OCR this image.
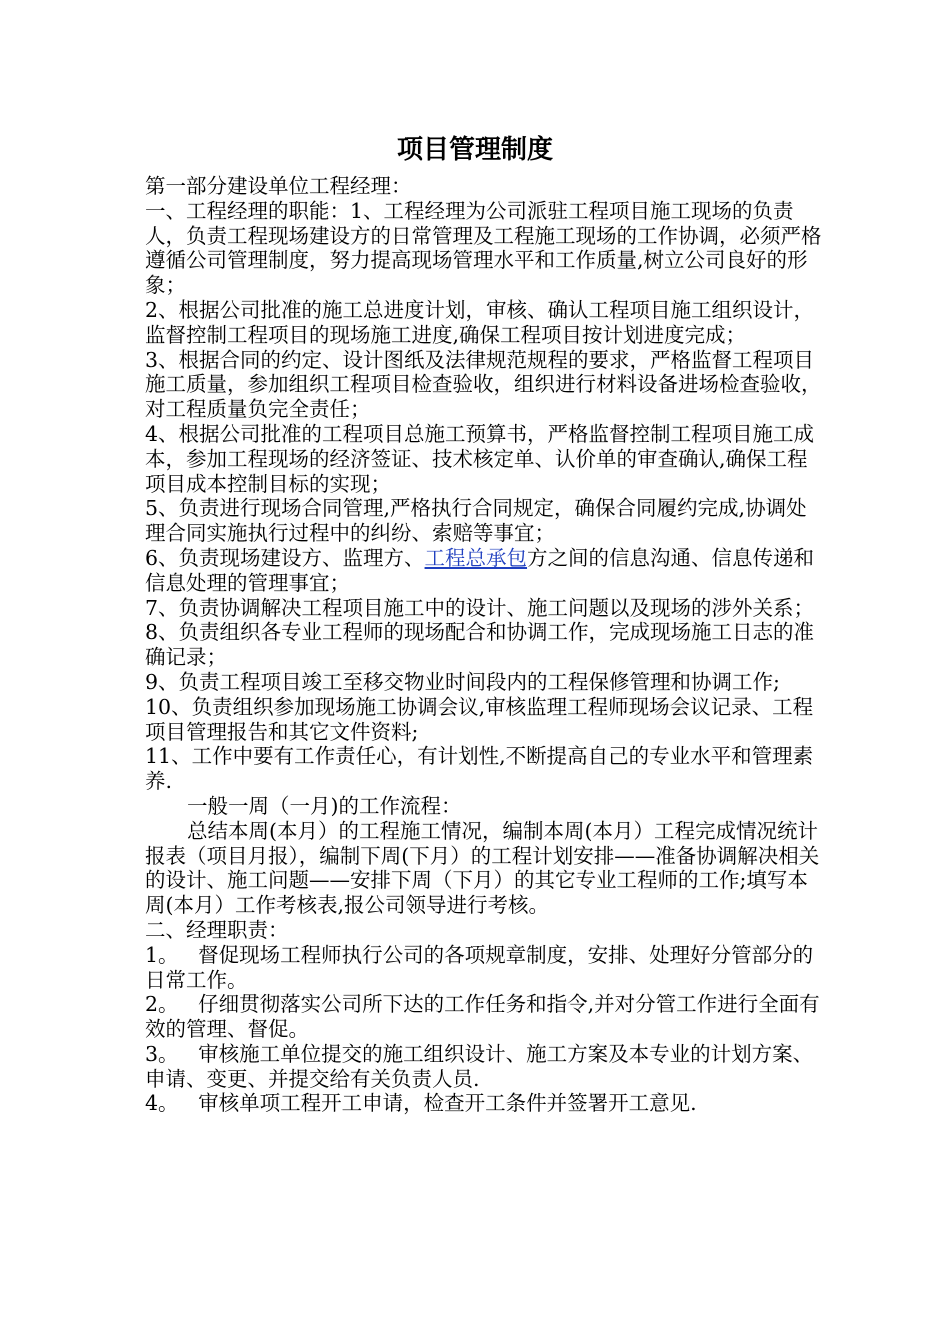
项目管理制度

第一部分建设单位工程经理：

一、工程经理的职能：1、工程经理为公司派驻工程项目施工现场的负责人，负责工程现场建设方的日常管理及工程施工现场的工作协调，必须严格遵循公司管理制度，努力提高现场管理水平和工作质量,树立公司良好的形象；

2、根据公司批准的施工总进度计划，审核、确认工程项目施工组织设计，监督控制工程项目的现场施工进度,确保工程项目按计划进度完成；

3、根据合同的约定、设计图纸及法律规范规程的要求，严格监督工程项目施工质量，参加组织工程项目检查验收，组织进行材料设备进场检查验收，对工程质量负完全责任；

4、根据公司批准的工程项目总施工预算书，严格监督控制工程项目施工成本，参加工程现场的经济签证、技术核定单、认价单的审查确认,确保工程项目成本控制目标的实现；

5、负责进行现场合同管理,严格执行合同规定，确保合同履约完成,协调处理合同实施执行过程中的纠纷、索赔等事宜；

6、负责现场建设方、监理方、工程总承包方之间的信息沟通、信息传递和信息处理的管理事宜；

7、负责协调解决工程项目施工中的设计、施工问题以及现场的涉外关系；

8、负责组织各专业工程师的现场配合和协调工作，完成现场施工日志的准确记录；

9、负责工程项目竣工至移交物业时间段内的工程保修管理和协调工作;

10、负责组织参加现场施工协调会议,审核监理工程师现场会议记录、工程项目管理报告和其它文件资料;

11、工作中要有工作责任心，有计划性,不断提高自己的专业水平和管理素养.

一般一周（一月)的工作流程：

总结本周(本月）的工程施工情况，编制本周(本月）工程完成情况统计报表（项目月报），编制下周(下月）的工程计划安排——准备协调解决相关的设计、施工问题——安排下周（下月）的其它专业工程师的工作;填写本周(本月）工作考核表,报公司领导进行考核。

二、经理职责：

1。   督促现场工程师执行公司的各项规章制度，安排、处理好分管部分的日常工作。

2。   仔细贯彻落实公司所下达的工作任务和指令,并对分管工作进行全面有效的管理、督促。

3。   审核施工单位提交的施工组织设计、施工方案及本专业的计划方案、申请、变更、并提交给有关负责人员.

4。   审核单项工程开工申请，检查开工条件并签署开工意见.
